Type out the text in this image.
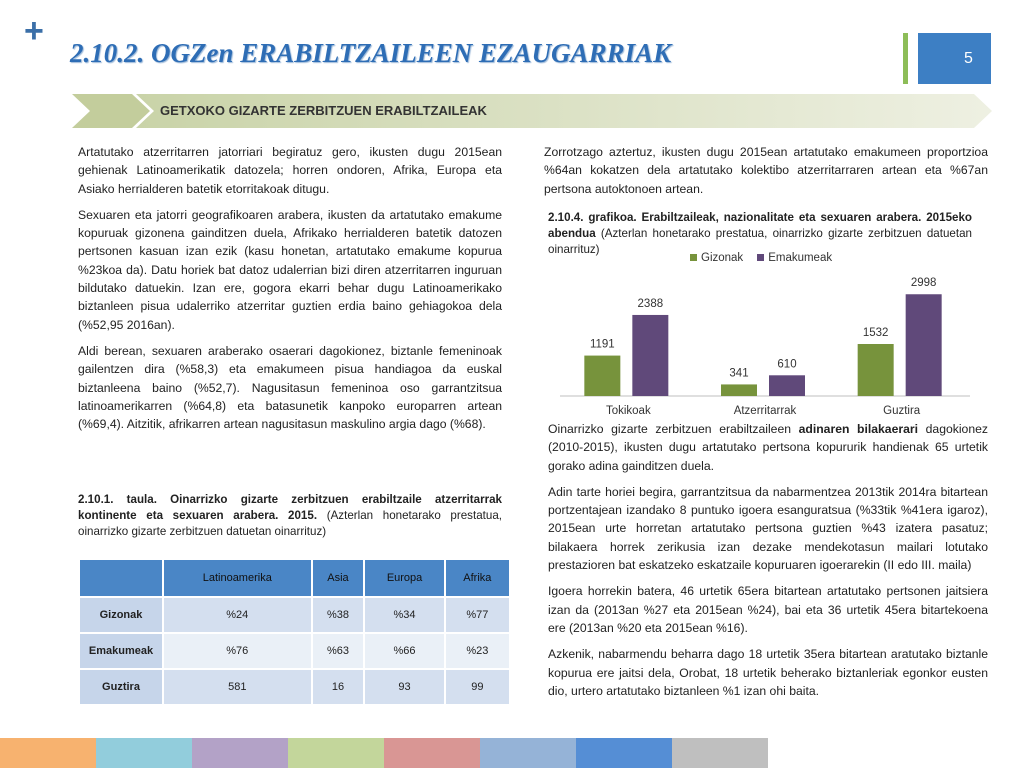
+
2.10.2. OGZen ERABILTZAILEEN EZAUGARRIAK	5
GETXOKO GIZARTE ZERBITZUEN ERABILTZAILEAK

Artatutako atzerritarren jatorriari begiratuz gero, ikusten dugu 2015ean gehienak Latinoamerikatik datozela; horren ondoren, Afrika, Europa eta Asiako herrialderen batetik etorritakoak ditugu.

Sexuaren eta jatorri geografikoaren arabera, ikusten da artatutako emakume kopuruak gizonena gainditzen duela, Afrikako herrialderen batetik datozen pertsonen kasuan izan ezik (kasu honetan, artatutako emakume kopurua %23koa da). Datu horiek bat datoz udalerrian bizi diren atzerritarren inguruan bildutako datuekin. Izan ere, gogora ekarri behar dugu Latinoamerikako biztanleen pisua udalerriko atzerritar guztien erdia baino gehiagokoa dela (%52,95 2016an).

Aldi berean, sexuaren araberako osaerari dagokionez, biztanle femeninoak gailentzen dira (%58,3) eta emakumeen pisua handiagoa da euskal biztanleena baino (%52,7). Nagusitasun femeninoa oso garrantzitsua latinoamerikarren (%64,8) eta batasunetik kanpoko europarren artean (%69,4). Aitzitik, afrikarren artean nagusitasun maskulino argia dago (%68).

2.10.1. taula. Oinarrizko gizarte zerbitzuen erabiltzaile atzerritarrak kontinente eta sexuaren arabera. 2015. (Azterlan honetarako prestatua, oinarrizko gizarte zerbitzuen datuetan oinarrituz)
	Latinoamerika	Asia	Europa	Afrika
Gizonak	%24	%38	%34	%77
Emakumeak	%76	%63	%66	%23
Guztira	581	16	93	99

Zorrotzago aztertuz, ikusten dugu 2015ean artatutako emakumeen proportzioa %64an kokatzen dela artatutako kolektibo atzerritarraren artean eta %67an pertsona autoktonoen artean.

2.10.4. grafikoa. Erabiltzaileak, nazionalitate eta sexuaren arabera. 2015eko abendua (Azterlan honetarako prestatua, oinarrizko gizarte zerbitzuen datuetan oinarrituz)
Gizonak	Emakumeak
1191
2388
Tokikoak
341
610
Atzerritarrak
1532
2998
Guztira

Oinarrizko gizarte zerbitzuen erabiltzaileen adinaren bilakaerari dagokionez (2010-2015), ikusten dugu artatutako pertsona kopururik handienak 65 urtetik gorako adina gainditzen duela.

Adin tarte horiei begira, garrantzitsua da nabarmentzea 2013tik 2014ra bitartean portzentajean izandako 8 puntuko igoera esanguratsua (%33tik %41era igaroz), 2015ean urte horretan artatutako pertsona guztien %43 izatera pasatuz; bilakaera horrek zerikusia izan dezake mendekotasun mailari lotutako prestazioren bat eskatzeko eskatzaile kopuruaren igoerarekin (II edo III. maila)

Igoera horrekin batera, 46 urtetik 65era bitartean artatutako pertsonen jaitsiera izan da (2013an %27 eta 2015ean %24), bai eta 36 urtetik 45era bitartekoena ere (2013an %20 eta 2015ean %16).

Azkenik, nabarmendu beharra dago 18 urtetik 35era bitartean aratutako biztanle kopurua ere jaitsi dela, Orobat, 18 urtetik beherako biztanleriak egonkor eusten dio, urtero artatutako biztanleen %1 izan ohi baita.
